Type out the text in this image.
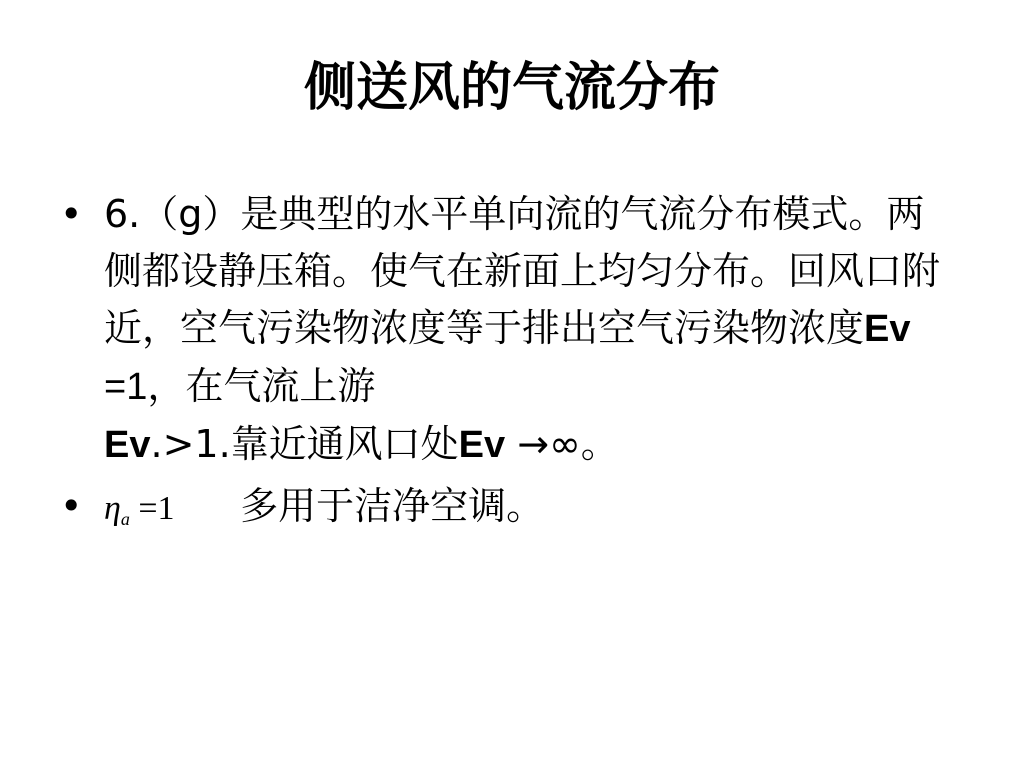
侧送风的气流分布
• 6.（g）是典型的水平单向流的气流分布模式。两侧都设静压箱。使气在新面上均匀分布。回风口附近，空气污染物浓度等于排出空气污染物浓度Ev =1，在气流上游
Ev.>1.靠近通风口处Ev →∞。
• $\eta_a =1$ 多用于洁净空调。
